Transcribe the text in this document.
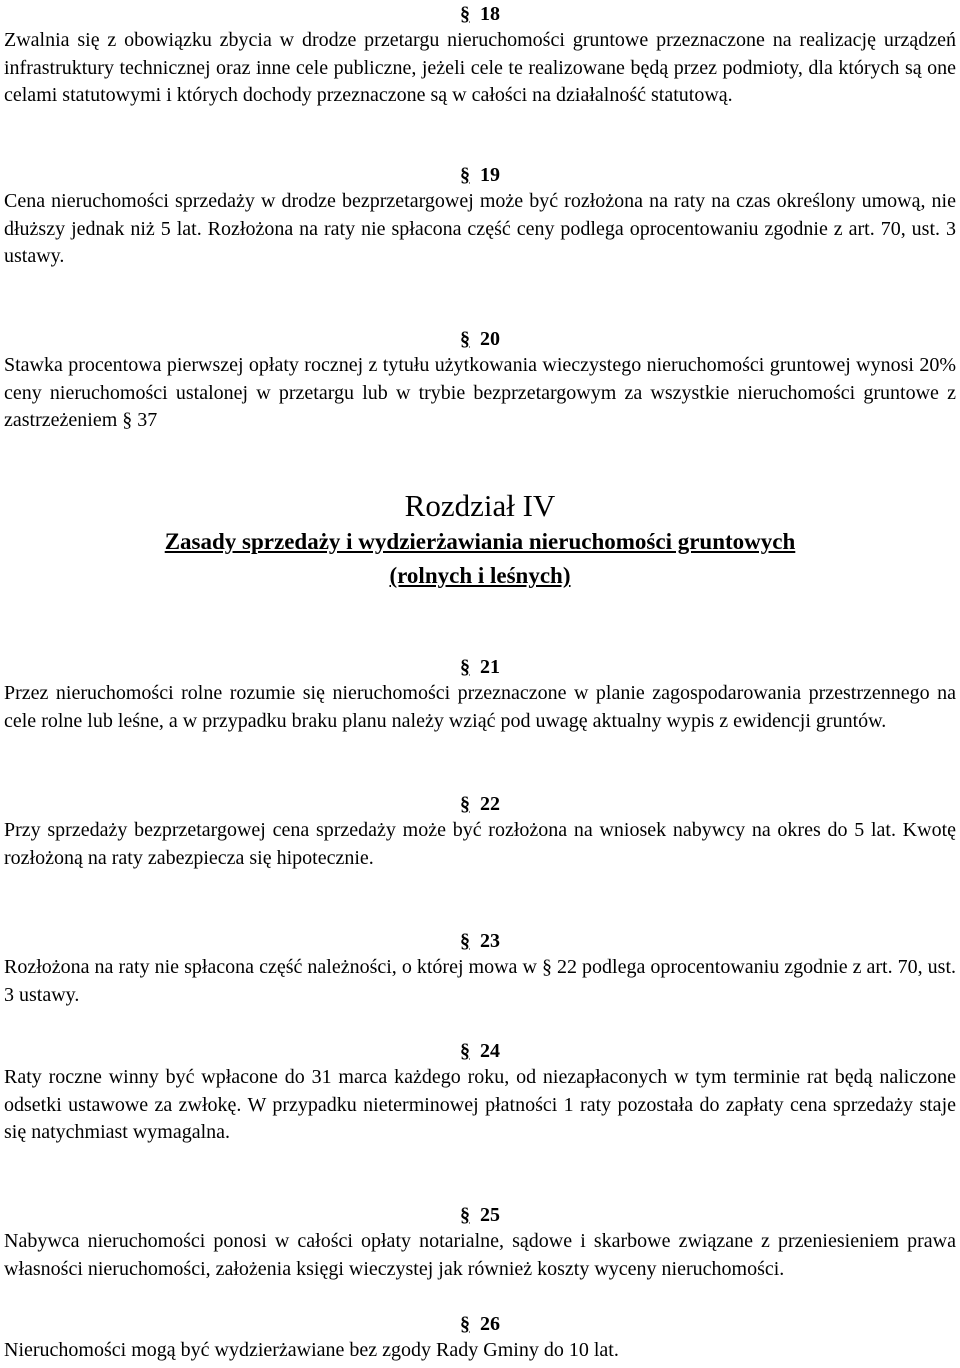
§ 18

Zwalnia się z obowiązku zbycia w drodze przetargu nieruchomości gruntowe przeznaczone na realizację urządzeń infrastruktury technicznej oraz inne cele publiczne, jeżeli cele te realizowane będą przez podmioty, dla których są one celami statutowymi i których dochody przeznaczone są w całości na działalność statutową.

§ 19

Cena nieruchomości sprzedaży w drodze bezprzetargowej może być rozłożona na raty na czas określony umową, nie dłuższy jednak niż 5 lat. Rozłożona na raty nie spłacona część ceny podlega oprocentowaniu zgodnie z art. 70, ust. 3 ustawy.

§ 20

Stawka procentowa pierwszej opłaty rocznej z tytułu użytkowania wieczystego nieruchomości gruntowej wynosi 20% ceny nieruchomości ustalonej w przetargu lub w trybie bezprzetargowym za wszystkie nieruchomości gruntowe z zastrzeżeniem § 37

Rozdział IV
Zasady sprzedaży i wydzierżawiania nieruchomości gruntowych
(rolnych i leśnych)
§ 21

Przez nieruchomości rolne rozumie się nieruchomości przeznaczone w planie zagospodarowania przestrzennego na cele rolne lub leśne, a w przypadku braku planu należy wziąć pod uwagę aktualny wypis z ewidencji gruntów.

§ 22

Przy sprzedaży bezprzetargowej cena sprzedaży może być rozłożona na wniosek nabywcy na okres do 5 lat. Kwotę rozłożoną na raty zabezpiecza się hipotecznie.

§ 23

Rozłożona na raty nie spłacona część należności, o której mowa w § 22 podlega oprocentowaniu zgodnie z art. 70, ust. 3 ustawy.

§ 24

Raty roczne winny być wpłacone do 31 marca każdego roku, od niezapłaconych w tym terminie rat będą naliczone odsetki ustawowe za zwłokę. W przypadku nieterminowej płatności 1 raty pozostała do zapłaty cena sprzedaży staje się natychmiast wymagalna.

§ 25

Nabywca nieruchomości ponosi w całości opłaty notarialne, sądowe i skarbowe związane z przeniesieniem prawa własności nieruchomości, założenia księgi wieczystej jak również koszty wyceny nieruchomości.

§ 26

Nieruchomości mogą być wydzierżawiane bez zgody Rady Gminy do 10 lat.
